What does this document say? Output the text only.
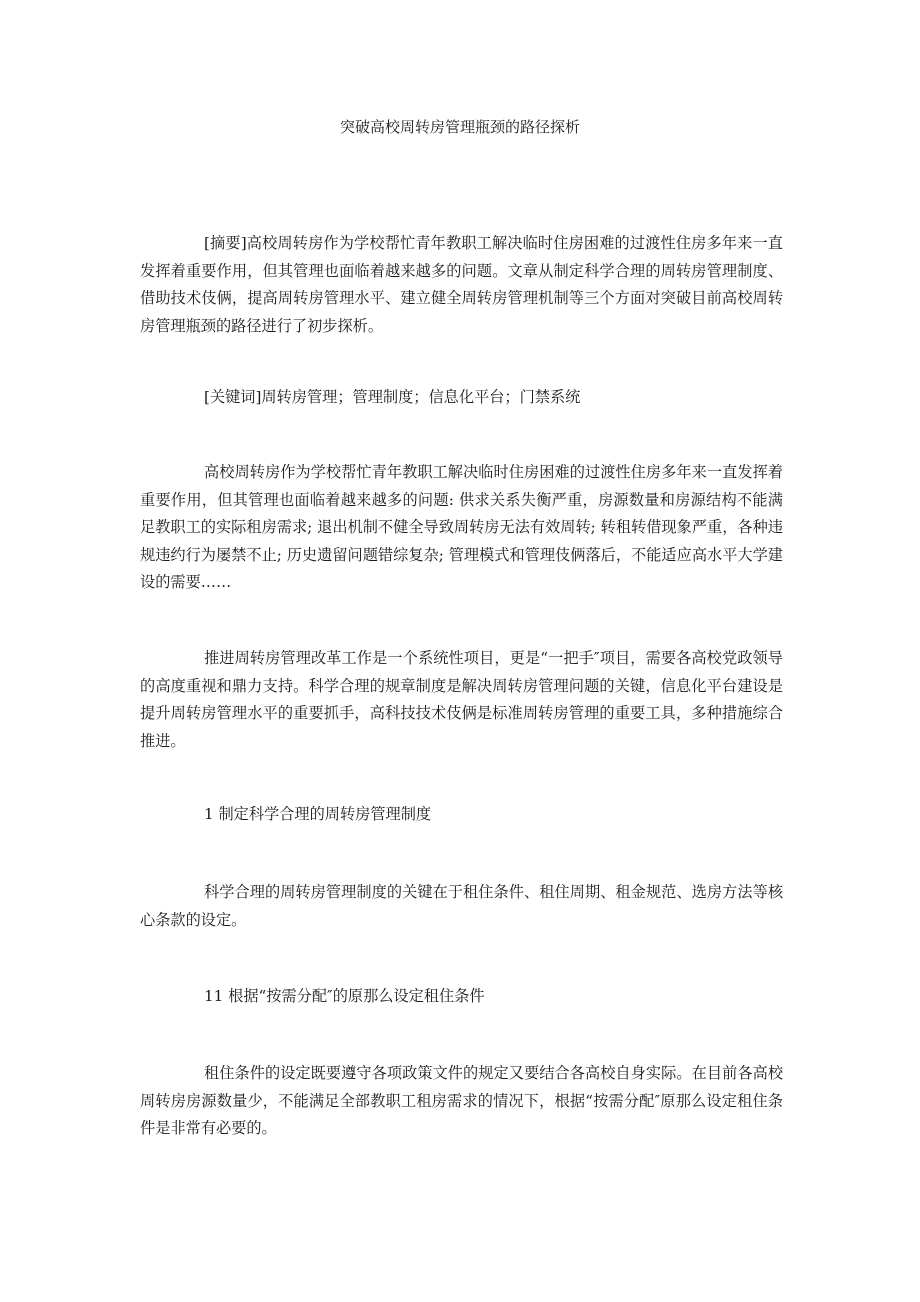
突破高校周转房管理瓶颈的路径探析

[摘要]高校周转房作为学校帮忙青年教职工解决临时住房困难的过渡性住房多年来一直发挥着重要作用，但其管理也面临着越来越多的问题。文章从制定科学合理的周转房管理制度、借助技术伎俩，提高周转房管理水平、建立健全周转房管理机制等三个方面对突破目前高校周转房管理瓶颈的路径进行了初步探析。

[关键词]周转房管理；管理制度；信息化平台；门禁系统

高校周转房作为学校帮忙青年教职工解决临时住房困难的过渡性住房多年来一直发挥着重要作用，但其管理也面临着越来越多的问题: 供求关系失衡严重，房源数量和房源结构不能满足教职工的实际租房需求; 退出机制不健全导致周转房无法有效周转; 转租转借现象严重，各种违规违约行为屡禁不止; 历史遗留问题错综复杂; 管理模式和管理伎俩落后，不能适应高水平大学建设的需要……

推进周转房管理改革工作是一个系统性项目，更是“一把手″项目，需要各高校党政领导的高度重视和鼎力支持。科学合理的规章制度是解决周转房管理问题的关键，信息化平台建设是提升周转房管理水平的重要抓手，高科技技术伎俩是标准周转房管理的重要工具，多种措施综合推进。

1 制定科学合理的周转房管理制度

科学合理的周转房管理制度的关键在于租住条件、租住周期、租金规范、选房方法等核心条款的设定。

11 根据“按需分配″的原那么设定租住条件

租住条件的设定既要遵守各项政策文件的规定又要结合各高校自身实际。在目前各高校周转房房源数量少，不能满足全部教职工租房需求的情况下，根据“按需分配″原那么设定租住条件是非常有必要的。
